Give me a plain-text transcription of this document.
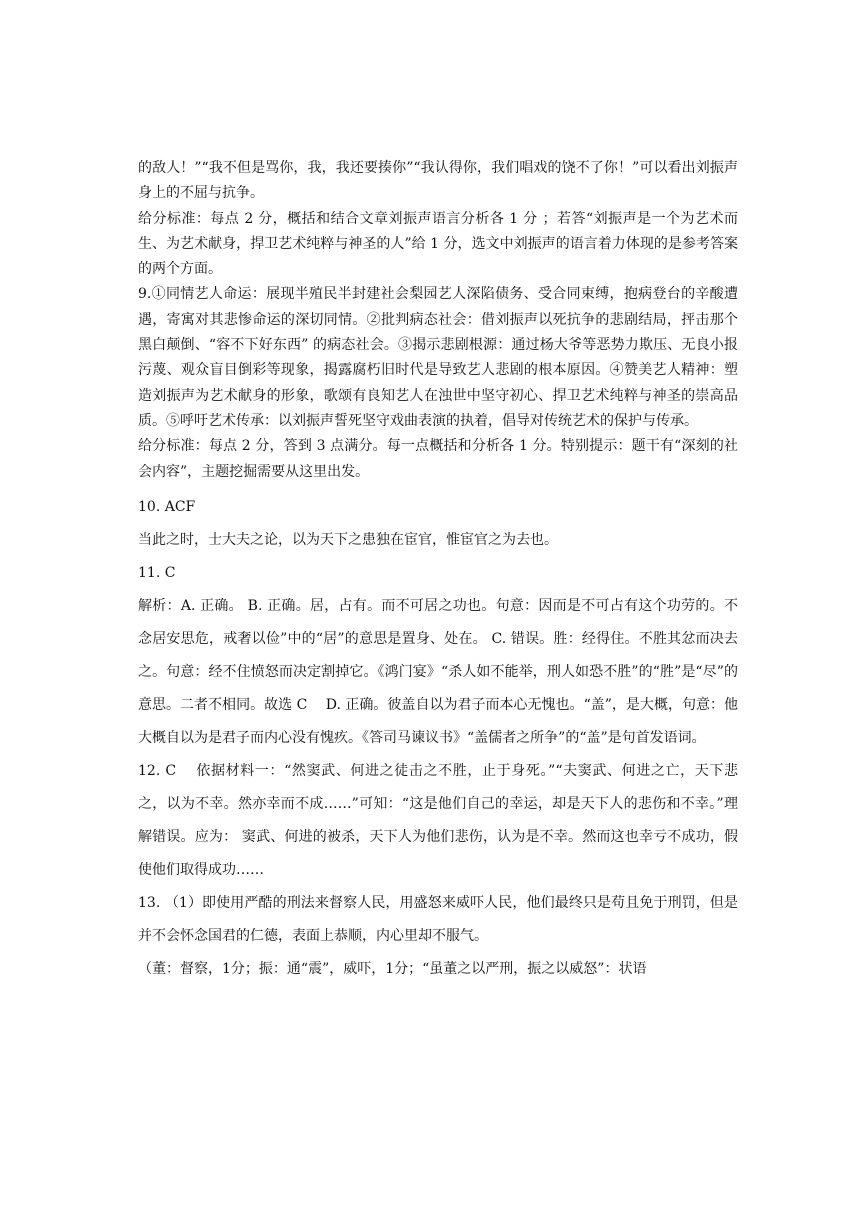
的敌人！”“我不但是骂你，我，我还要揍你”“我认得你，我们唱戏的饶不了你！”可以看出刘振声身上的不屈与抗争。

给分标准：每点 2 分，概括和结合文章刘振声语言分析各 1 分 ；若答“刘振声是一个为艺术而生、为艺术献身，捍卫艺术纯粹与神圣的人”给 1 分，选文中刘振声的语言着力体现的是参考答案的两个方面。

9.①同情艺人命运：展现半殖民半封建社会梨园艺人深陷债务、受合同束缚，抱病登台的辛酸遭遇，寄寓对其悲惨命运的深切同情。②批判病态社会：借刘振声以死抗争的悲剧结局，抨击那个黑白颠倒、“容不下好东西” 的病态社会。③揭示悲剧根源：通过杨大爷等恶势力欺压、无良小报污蔑、观众盲目倒彩等现象，揭露腐朽旧时代是导致艺人悲剧的根本原因。④赞美艺人精神：塑造刘振声为艺术献身的形象，歌颂有良知艺人在浊世中坚守初心、捍卫艺术纯粹与神圣的崇高品质。⑤呼吁艺术传承：以刘振声誓死坚守戏曲表演的执着，倡导对传统艺术的保护与传承。

给分标准：每点 2 分，答到 3 点满分。每一点概括和分析各 1 分。特别提示：题干有“深刻的社会内容”，主题挖掘需要从这里出发。

10. ACF

当此之时，士大夫之论，以为天下之患独在宦官，惟宦官之为去也。

11. C

解析：A. 正确。 B. 正确。居，占有。而不可居之功也。句意：因而是不可占有这个功劳的。不念居安思危，戒奢以俭”中的“居”的意思是置身、处在。 C. 错误。胜：经得住。不胜其忿而决去之。句意：经不住愤怒而决定割掉它。《鸿门宴》“杀人如不能举，刑人如恐不胜”的“胜”是“尽”的意思。二者不相同。故选 C　 D. 正确。彼盖自以为君子而本心无愧也。“盖”，是大概，句意：他大概自以为是君子而内心没有愧疚。《答司马谏议书》“盖儒者之所争”的“盖”是句首发语词。

12. C　 依据材料一：“然窦武、何进之徒击之不胜，止于身死。”“夫窦武、何进之亡，天下悲之，以为不幸。然亦幸而不成……”可知：“这是他们自己的幸运，却是天下人的悲伤和不幸。”理解错误。应为： 窦武、何进的被杀，天下人为他们悲伤，认为是不幸。然而这也幸亏不成功，假使他们取得成功……

13. （1）即使用严酷的刑法来督察人民，用盛怒来威吓人民，他们最终只是苟且免于刑罚，但是并不会怀念国君的仁德，表面上恭顺，内心里却不服气。

（董：督察，1分；振：通“震”，威吓，1分；“虽董之以严刑，振之以威怒”：状语
